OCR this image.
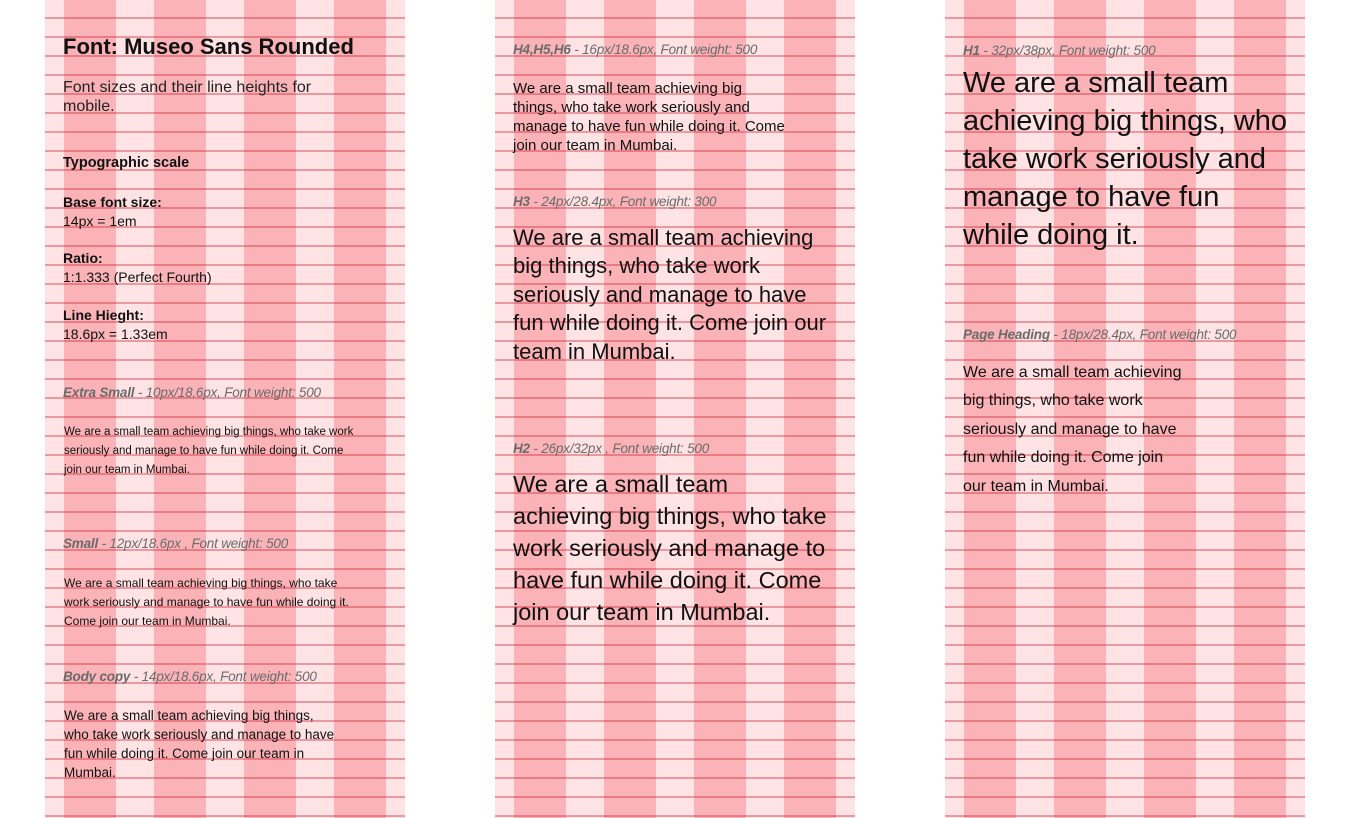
Font: Museo Sans Rounded

Font sizes and their line heights for mobile.

Typographic scale
Base font size:
14px = 1em
Ratio:
1:1.333 (Perfect Fourth)
Line Hieght:
18.6px = 1.33em
Extra Small - 10px/18.6px, Font weight: 500

We are a small team achieving big things, who take work seriously and manage to have fun while doing it. Come join our team in Mumbai.

Small - 12px/18.6px , Font weight: 500

We are a small team achieving big things, who take work seriously and manage to have fun while doing it. Come join our team in Mumbai.

Body copy - 14px/18.6px, Font weight: 500

We are a small team achieving big things, who take work seriously and manage to have fun while doing it. Come join our team in Mumbai.

H4,H5,H6 - 16px/18.6px, Font weight: 500

We are a small team achieving big things, who take work seriously and manage to have fun while doing it. Come join our team in Mumbai.

H3 - 24px/28.4px, Font weight: 300

We are a small team achieving big things, who take work seriously and manage to have fun while doing it. Come join our team in Mumbai.

H2 - 26px/32px , Font weight: 500

We are a small team achieving big things, who take work seriously and manage to have fun while doing it. Come join our team in Mumbai.

H1 - 32px/38px, Font weight: 500

We are a small team achieving big things, who take work seriously and manage to have fun while doing it.

Page Heading - 18px/28.4px, Font weight: 500

We are a small team achieving big things, who take work seriously and manage to have fun while doing it. Come join our team in Mumbai.
